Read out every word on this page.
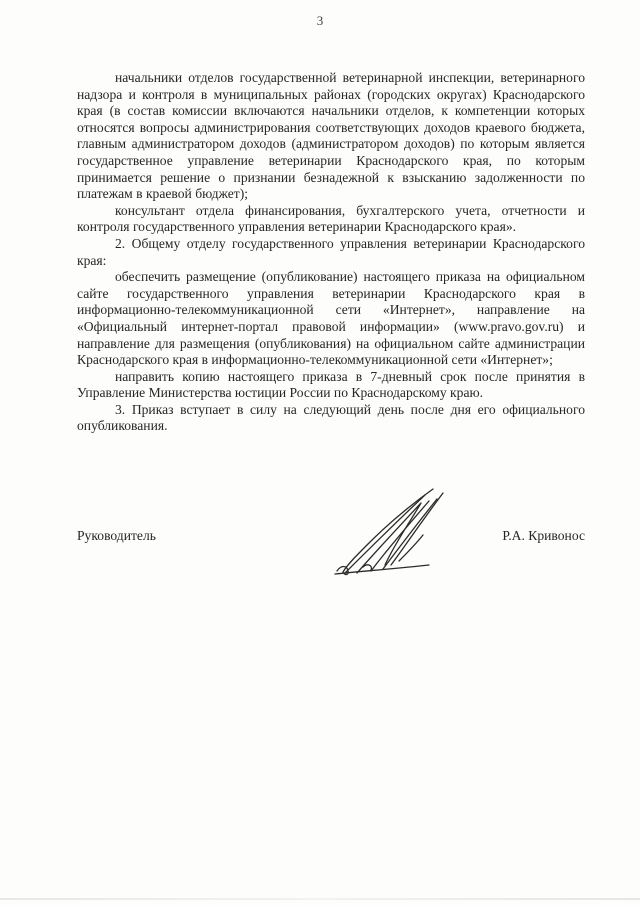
3

начальники отделов государственной ветеринарной инспекции, ветеринарного надзора и контроля в муниципальных районах (городских округах) Краснодарского края (в состав комиссии включаются начальники отделов, к компетенции которых относятся вопросы администрирования соответствующих доходов краевого бюджета, главным администратором доходов (администратором доходов) по которым является государственное управление ветеринарии Краснодарского края, по которым принимается решение о признании безнадежной к взысканию задолженности по платежам в краевой бюджет);

консультант отдела финансирования, бухгалтерского учета, отчетности и контроля государственного управления ветеринарии Краснодарского края».

2. Общему отделу государственного управления ветеринарии Краснодарского края:

обеспечить размещение (опубликование) настоящего приказа на официальном сайте государственного управления ветеринарии Краснодарского края в информационно-телекоммуникационной сети «Интернет», направление на «Официальный интернет-портал правовой информации» (www.pravo.gov.ru) и направление для размещения (опубликования) на официальном сайте администрации Краснодарского края в информационно-телекоммуникационной сети «Интернет»;

направить копию настоящего приказа в 7-дневный срок после принятия в Управление Министерства юстиции России по Краснодарскому краю.

3. Приказ вступает в силу на следующий день после дня его официального опубликования.

Руководитель	Р.А. Кривонос
